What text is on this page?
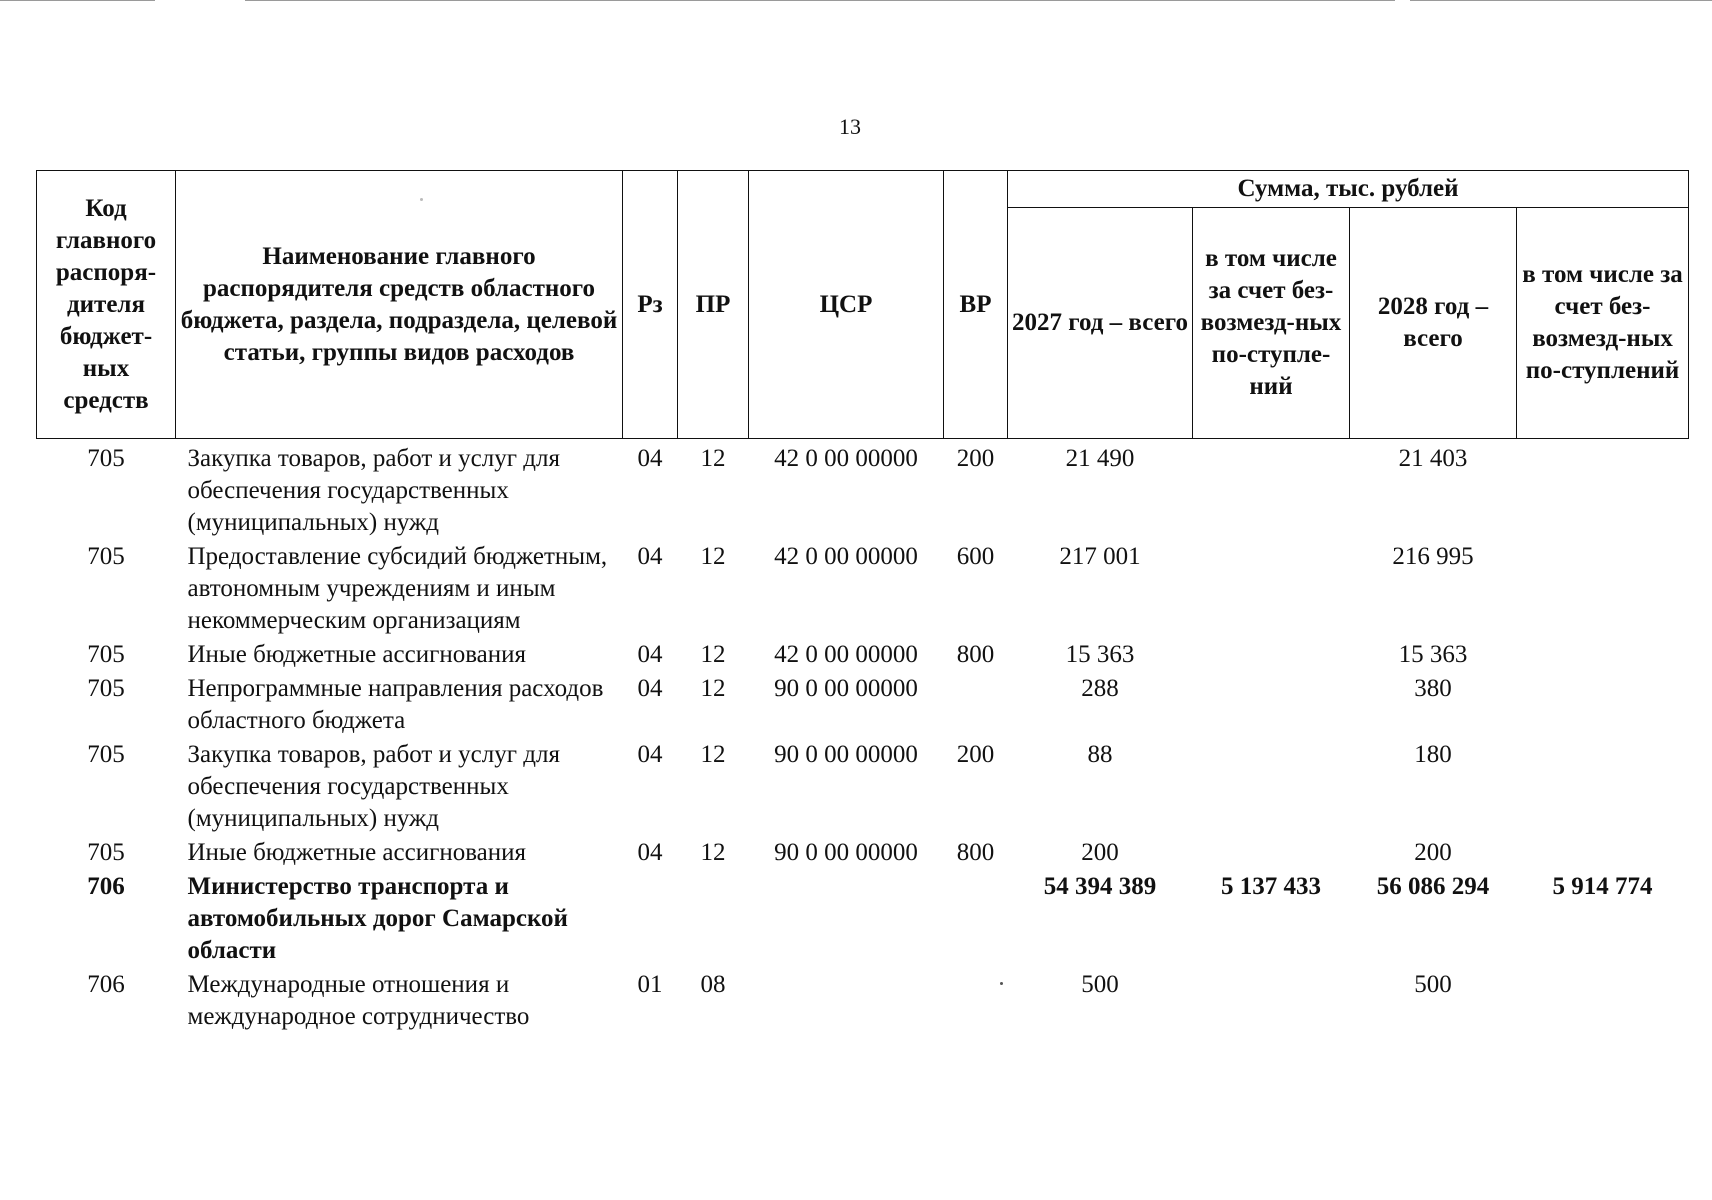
13
Код главного распоря-дителя бюджет-ных средств	Наименование главного распорядителя средств областного бюджета, раздела, подраздела, целевой статьи, группы видов расходов	Рз	ПР	ЦСР	ВР	Сумма, тыс. рублей			
						2027 год – всего	в том числе за счет без-возмезд-ных по-ступле-ний	2028 год – всего	в том числе за счет без-возмезд-ных по-ступлений
705	Закупка товаров, работ и услуг для обеспечения государственных (муниципальных) нужд	04	12	42 0 00 00000	200	21 490		21 403	
705	Предоставление субсидий бюджетным, автономным учреждениям и иным некоммерческим организациям	04	12	42 0 00 00000	600	217 001		216 995	
705	Иные бюджетные ассигнования	04	12	42 0 00 00000	800	15 363		15 363	
705	Непрограммные направления расходов областного бюджета	04	12	90 0 00 00000		288		380	
705	Закупка товаров, работ и услуг для обеспечения государственных (муниципальных) нужд	04	12	90 0 00 00000	200	88		180	
705	Иные бюджетные ассигнования	04	12	90 0 00 00000	800	200		200	
706	Министерство транспорта и автомобильных дорог Самарской области					54 394 389	5 137 433	56 086 294	5 914 774
706	Международные отношения и международное сотрудничество	01	08			500		500	
